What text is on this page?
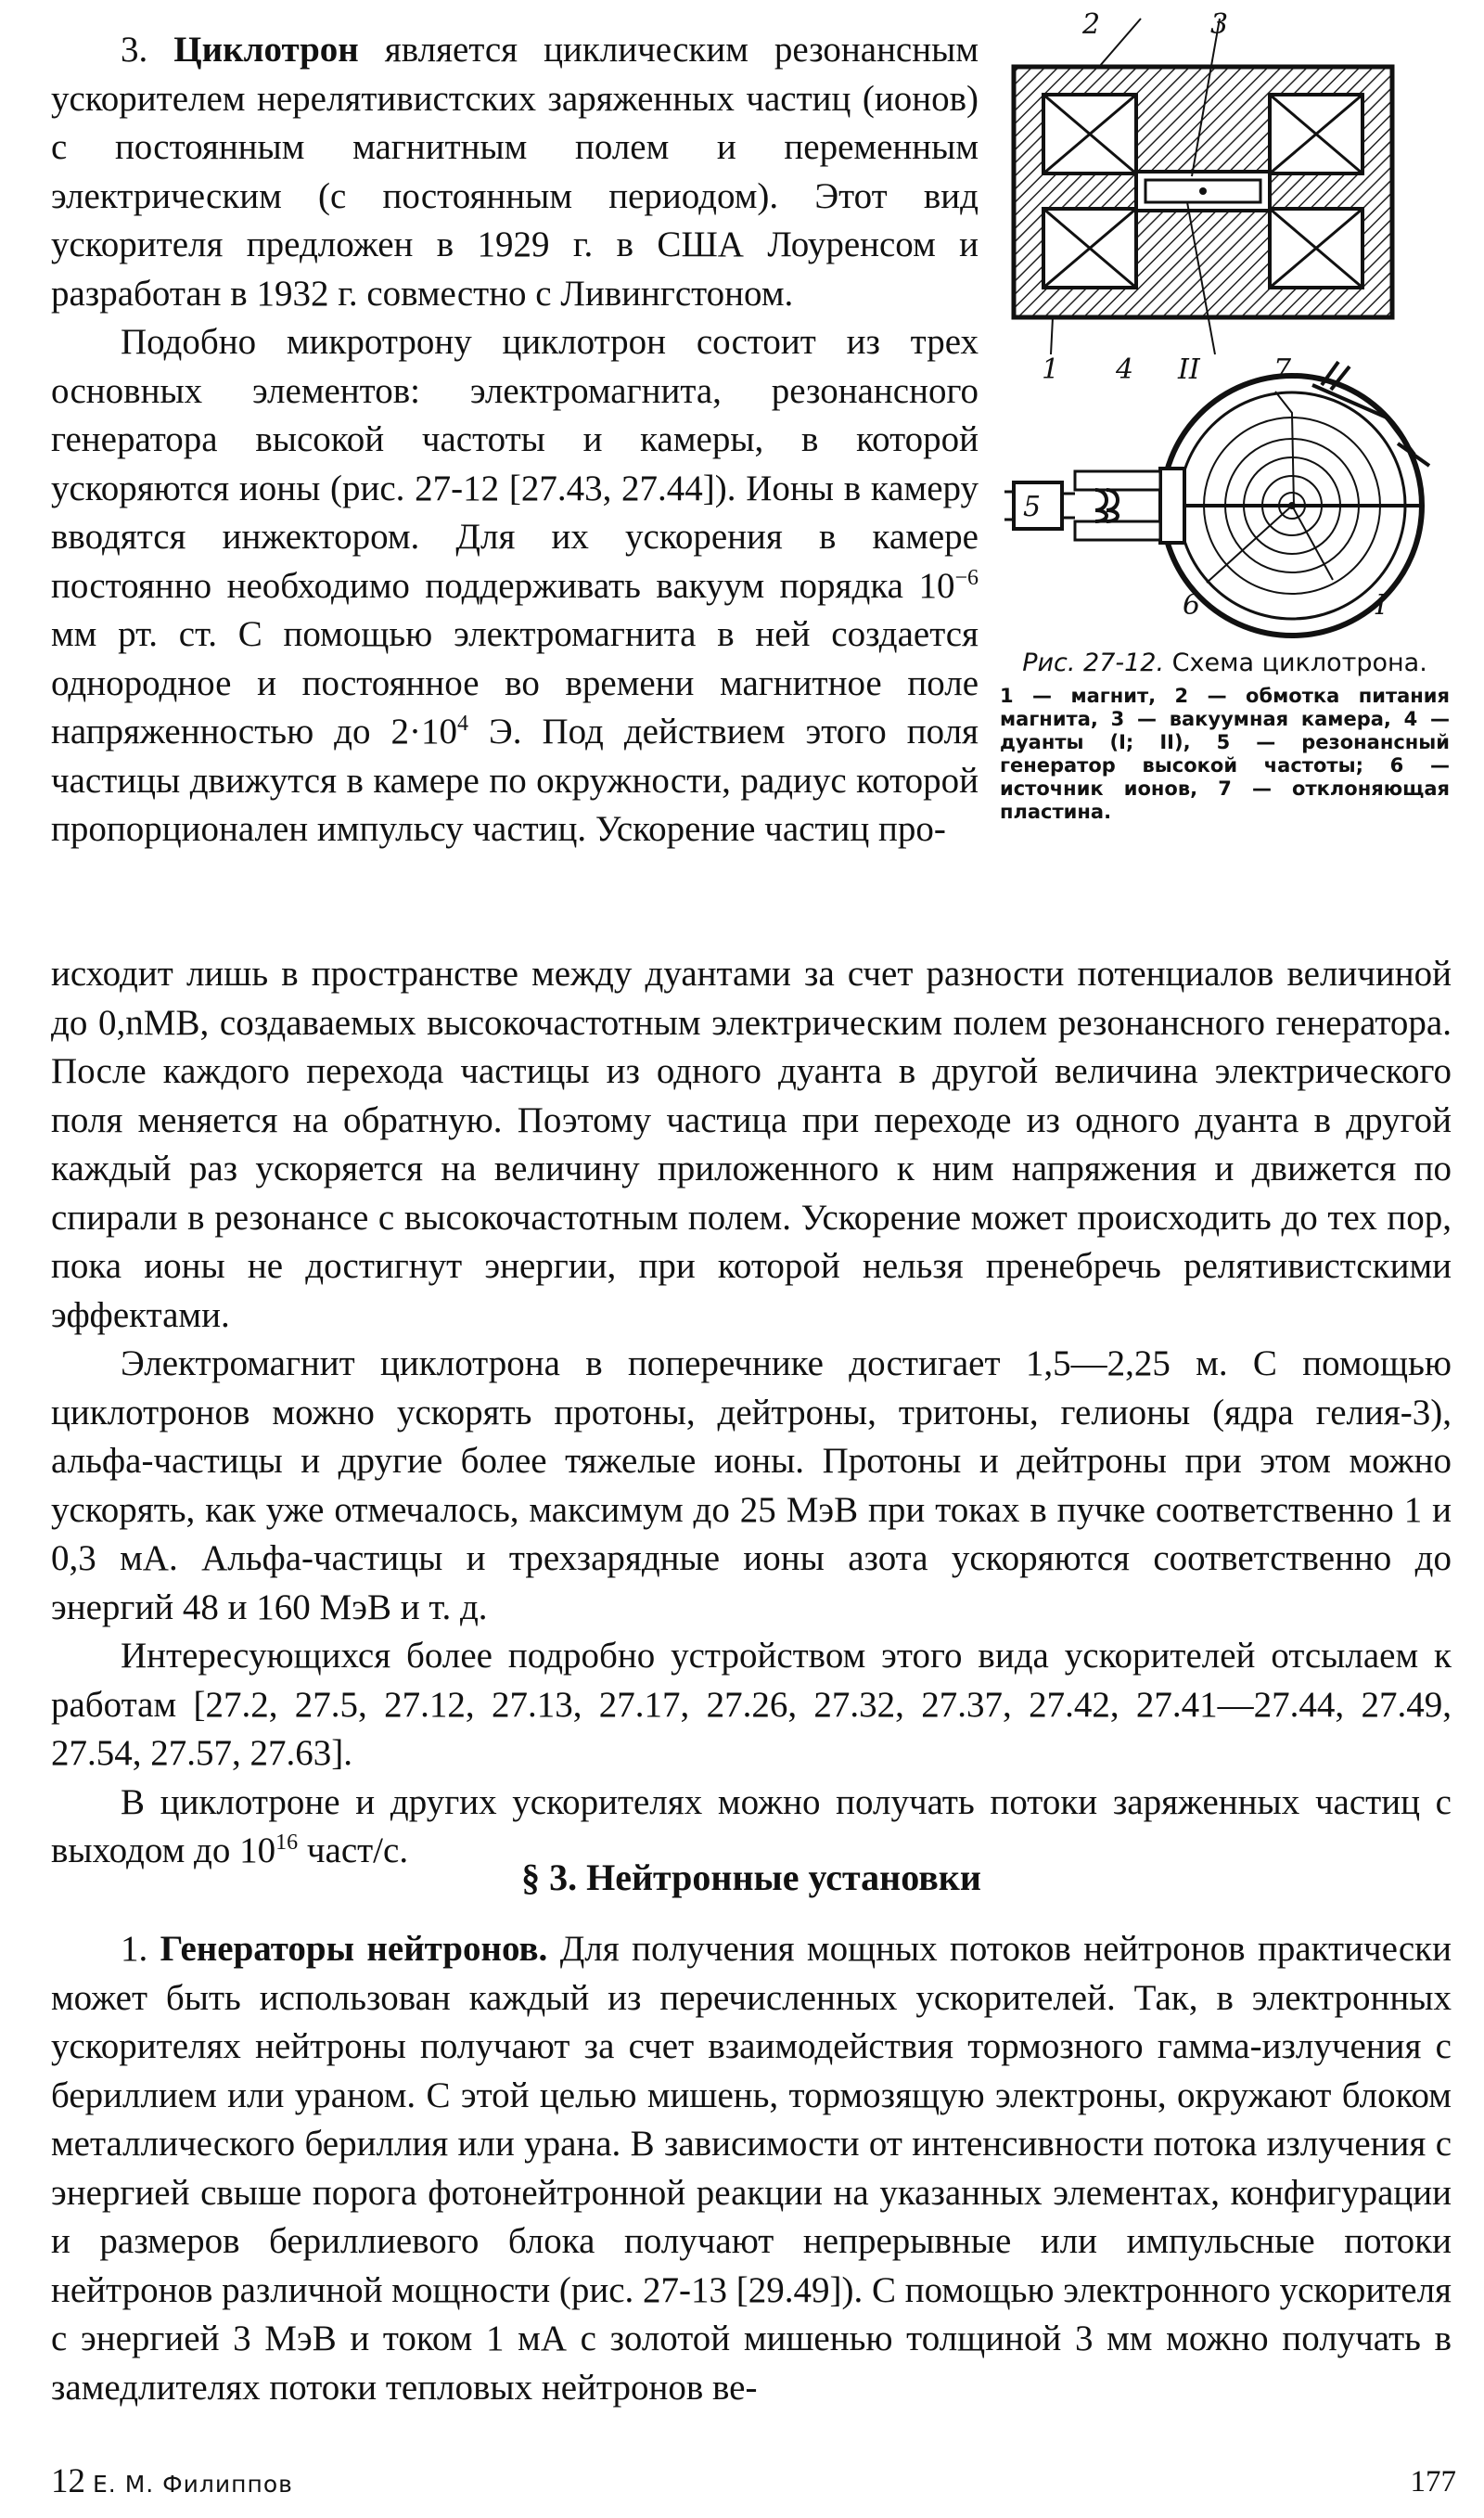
3. Циклотрон является циклическим резонансным ускорителем нерелятивистских заряженных частиц (ионов) с постоянным магнитным полем и переменным электрическим (с постоянным периодом). Этот вид ускорителя предложен в 1929 г. в США Лоуренсом и разработан в 1932 г. совместно с Ливингстоном.

Подобно микротрону циклотрон состоит из трех основных элементов: электромагнита, резонансного генератора высокой частоты и камеры, в которой ускоряются ионы (рис. 27-12 [27.43, 27.44]). Ионы в камеру вводятся инжектором. Для их ускорения в камере постоянно необходимо поддерживать вакуум порядка $10^{-6}$ мм рт. ст. С помощью электромагнита в ней создается однородное и постоянное во времени магнитное поле напряженностью до $2\cdot 10^4$ Э. Под действием этого поля частицы движутся в камере по окружности, радиус которой пропорционален импульсу частиц. Ускорение частиц про-

исходит лишь в пространстве между дуантами за счет разности потенциалов величиной до 0,nМВ, создаваемых высокочастотным электрическим полем резонансного генератора. После каждого перехода частицы из одного дуанта в другой величина электрического поля меняется на обратную. Поэтому частица при переходе из одного дуанта в другой каждый раз ускоряется на величину приложенного к ним напряжения и движется по спирали в резонансе с высокочастотным полем. Ускорение может происходить до тех пор, пока ионы не достигнут энергии, при которой нельзя пренебречь релятивистскими эффектами.

Электромагнит циклотрона в поперечнике достигает 1,5—2,25 м. С помощью циклотронов можно ускорять протоны, дейтроны, тритоны, гелионы (ядра гелия-3), альфа-частицы и другие более тяжелые ионы. Протоны и дейтроны при этом можно ускорять, как уже отмечалось, максимум до 25 МэВ при токах в пучке соответственно 1 и 0,3 мА. Альфа-частицы и трехзарядные ионы азота ускоряются соответственно до энергий 48 и 160 МэВ и т. д.

Интересующихся более подробно устройством этого вида ускорителей отсылаем к работам [27.2, 27.5, 27.12, 27.13, 27.17, 27.26, 27.32, 27.37, 27.42, 27.41—27.44, 27.49, 27.54, 27.57, 27.63].

В циклотроне и других ускорителях можно получать потоки заряженных частиц с выходом до $10^{16}$ част/с.

§ 3. Нейтронные установки

1. Генераторы нейтронов. Для получения мощных потоков нейтронов практически может быть использован каждый из перечисленных ускорителей. Так, в электронных ускорителях нейтроны получают за счет взаимодействия тормозного гамма-излучения с бериллием или ураном. С этой целью мишень, тормозящую электроны, окружают блоком металлического бериллия или урана. В зависимости от интенсивности потока излучения с энергией свыше порога фотонейтронной реакции на указанных элементах, конфигурации и размеров бериллиевого блока получают непрерывные или импульсные потоки нейтронов различной мощности (рис. 27-13 [29.49]). С помощью электронного ускорителя с энергией 3 МэВ и током 1 мА с золотой мишенью толщиной 3 мм можно получать в замедлителях потоки тепловых нейтронов ве-

2	3
1 4 II	7
5
6	I

Рис. 27-12. Схема циклотрона.

1 — магнит, 2 — обмотка питания магнита, 3 — вакуумная камера, 4 — дуанты (I; II), 5 — резонансный генератор высокой частоты; 6 — источник ионов, 7 — отклоняющая пластина.

12 Е. М. Филиппов	177
